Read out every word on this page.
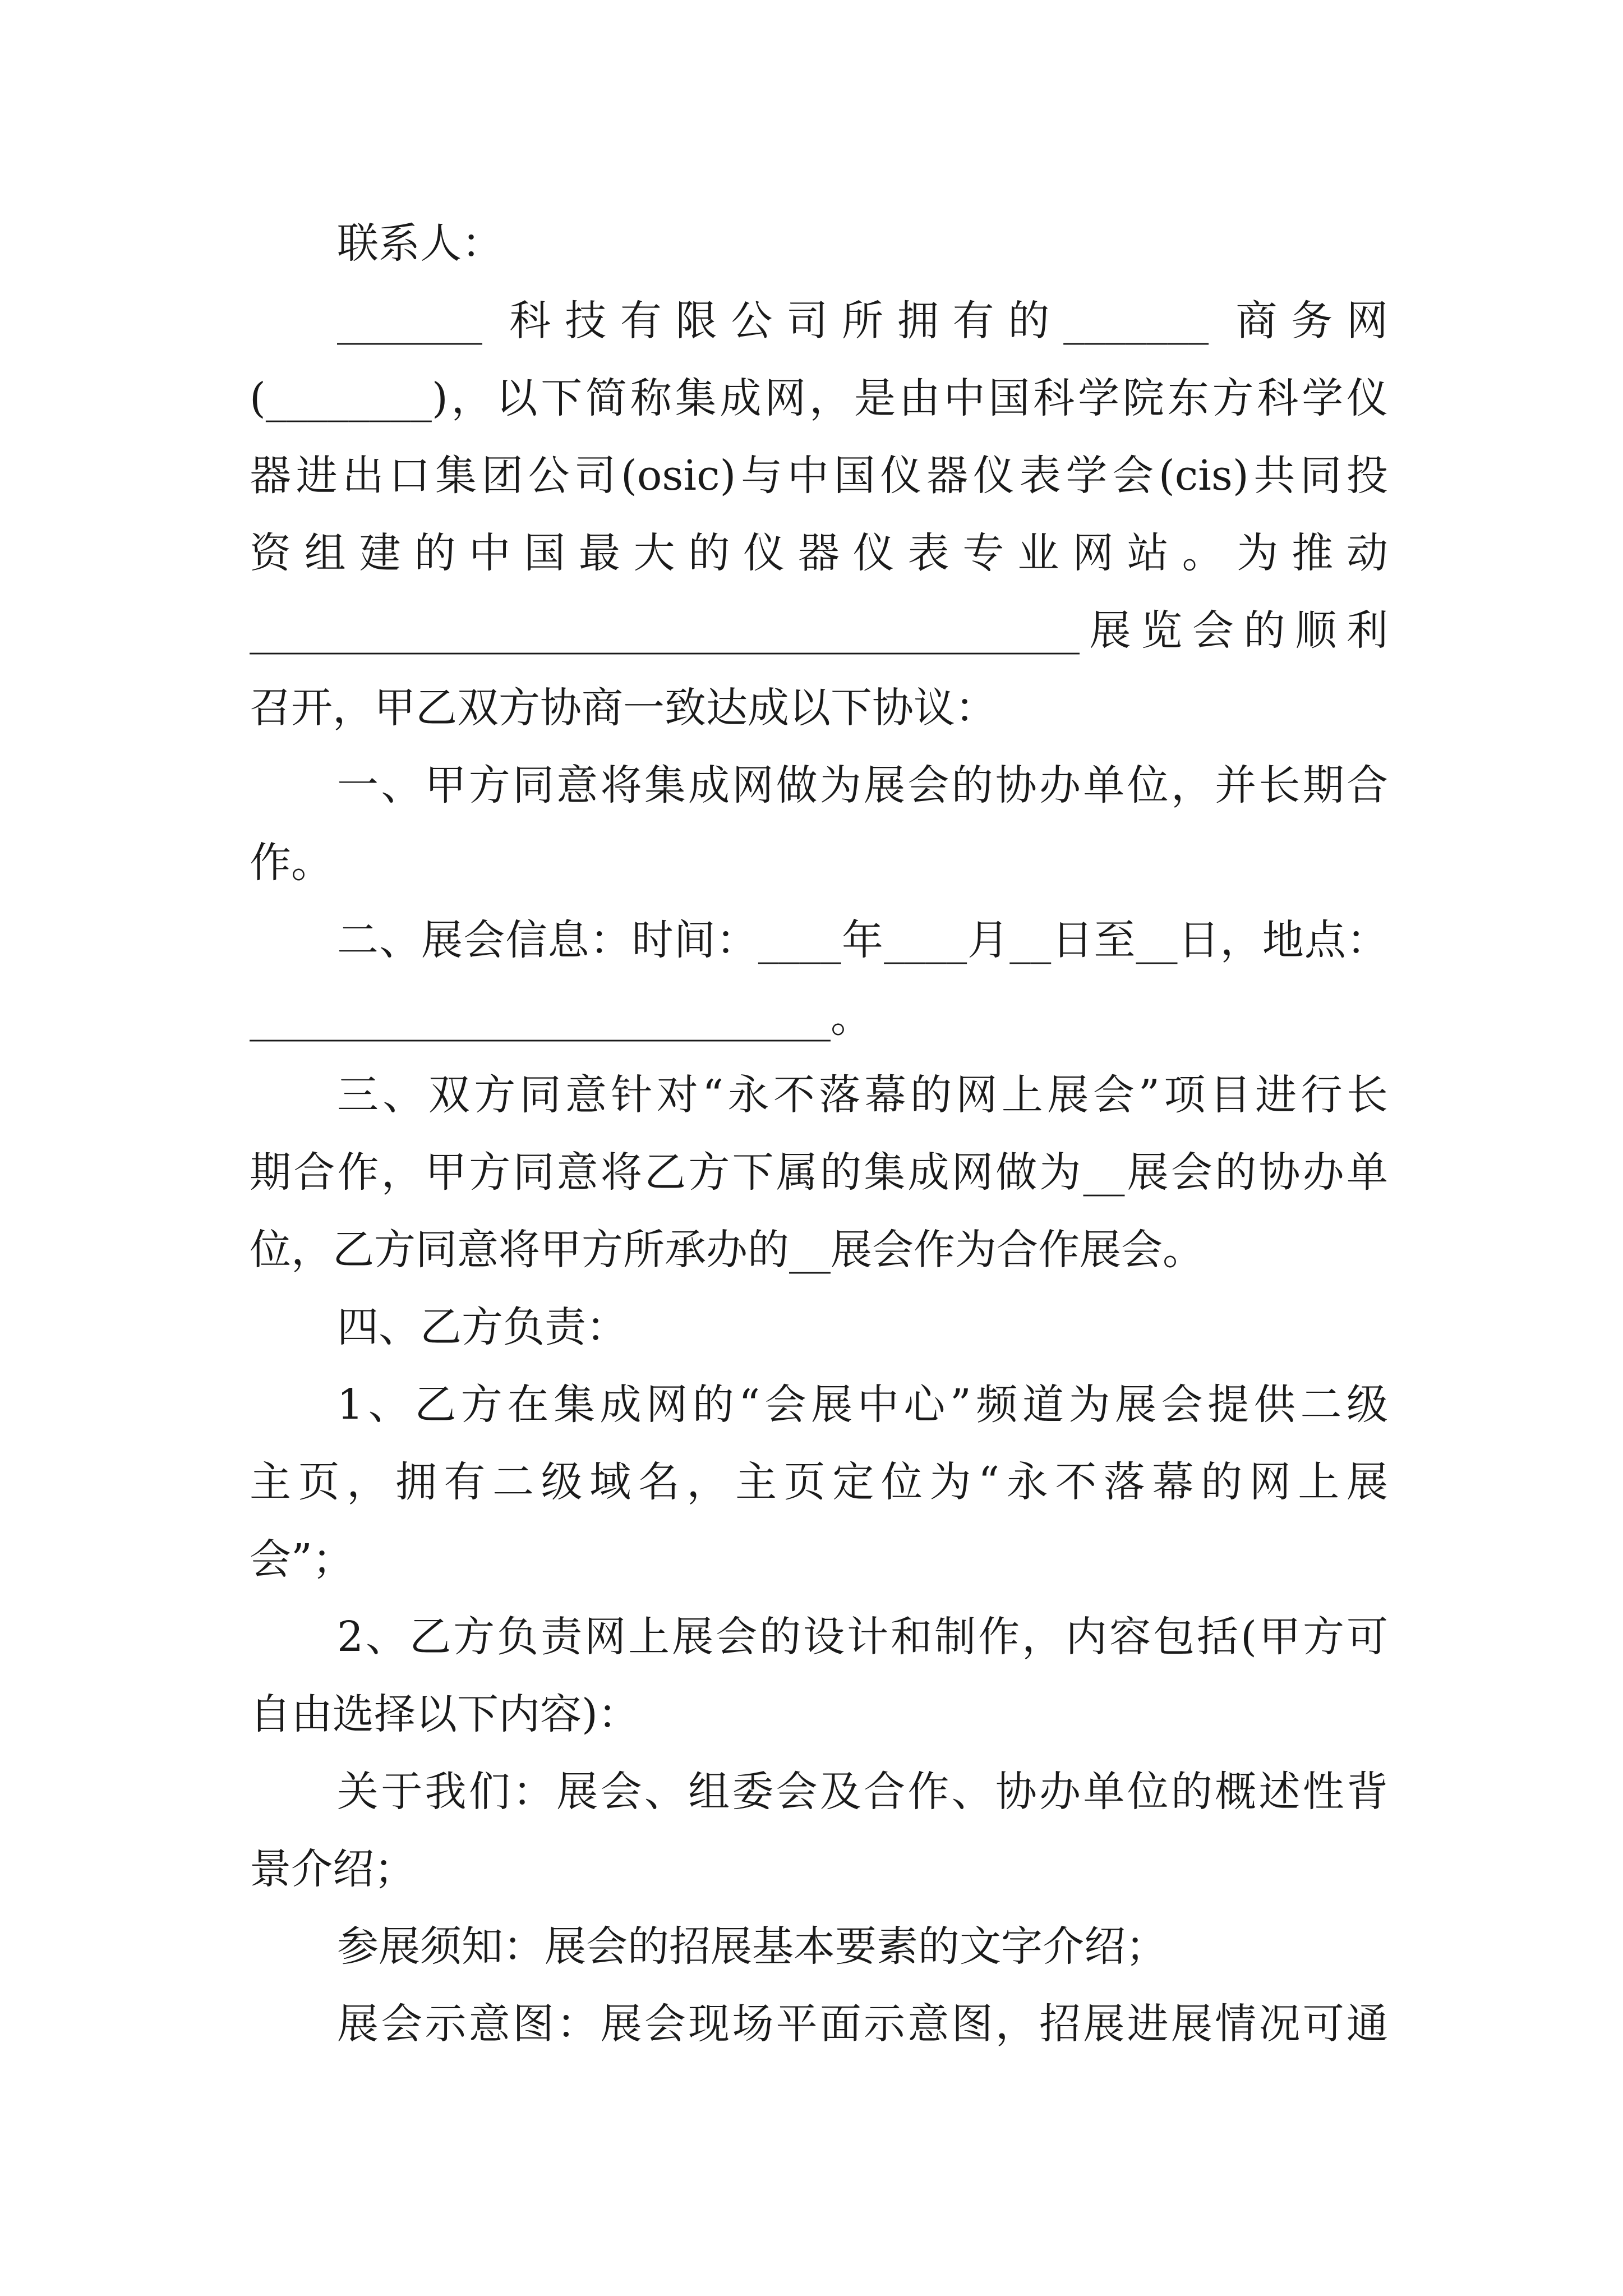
联系人：
_______ 科技有限公司所拥有的_______ 商务网
(________)，以下简称集成网，是由中国科学院东方科学仪
器进出口集团公司(osic)与中国仪器仪表学会(cis)共同投
资组建的中国最大的仪器仪表专业网站。为推动
________________________________________展览会的顺利
召开，甲乙双方协商一致达成以下协议：
一、甲方同意将集成网做为展会的协办单位，并长期合
作。
二、展会信息：时间：____年____月__日至__日，地点：
____________________________。
三、双方同意针对“永不落幕的网上展会”项目进行长
期合作，甲方同意将乙方下属的集成网做为__展会的协办单
位，乙方同意将甲方所承办的__展会作为合作展会。
四、乙方负责：
1、乙方在集成网的“会展中心”频道为展会提供二级
主页，拥有二级域名，主页定位为“永不落幕的网上展
会”；
2、乙方负责网上展会的设计和制作，内容包括(甲方可
自由选择以下内容)：
关于我们：展会、组委会及合作、协办单位的概述性背
景介绍；
参展须知：展会的招展基本要素的文字介绍；
展会示意图：展会现场平面示意图，招展进展情况可通
